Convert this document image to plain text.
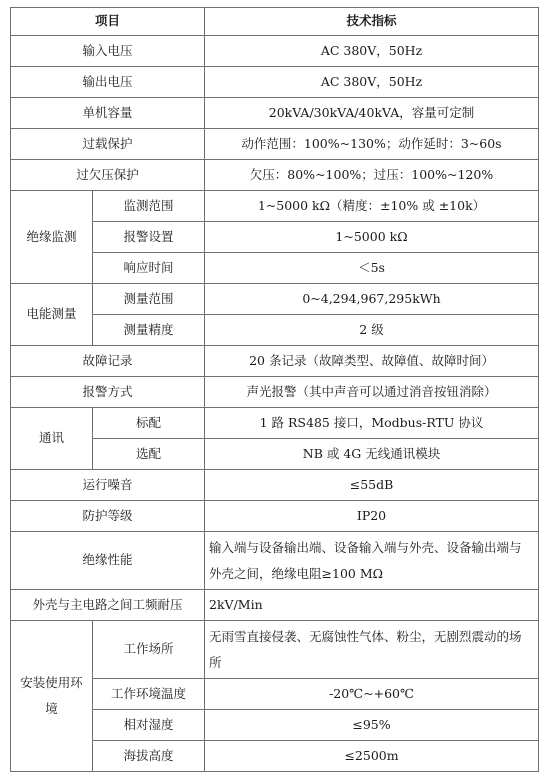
项目		技术指标
输入电压		AC 380V，50Hz
输出电压		AC 380V，50Hz
单机容量		20kVA/30kVA/40kVA，容量可定制
过载保护		动作范围：100%~130%；动作延时：3~60s
过欠压保护		欠压：80%~100%；过压：100%~120%
绝缘监测	监测范围	1~5000 kΩ（精度：±10% 或 ±10k）
	报警设置	1~5000 kΩ
	响应时间	＜5s
电能测量	测量范围	0~4,294,967,295kWh
	测量精度	2 级
故障记录		20 条记录（故障类型、故障值、故障时间）
报警方式		声光报警（其中声音可以通过消音按钮消除）
通讯	标配	1 路 RS485 接口，Modbus-RTU 协议
	选配	NB 或 4G 无线通讯模块
运行噪音		≤55dB
防护等级		IP20
绝缘性能		输入端与设备输出端、设备输入端与外壳、设备输出端与外壳之间，绝缘电阻≥100 MΩ
外壳与主电路之间工频耐压		2kV/Min
安装使用环境	工作场所	无雨雪直接侵袭、无腐蚀性气体、粉尘，无剧烈震动的场所
	工作环境温度	-20℃~+60℃
	相对湿度	≤95%
	海拔高度	≤2500m
